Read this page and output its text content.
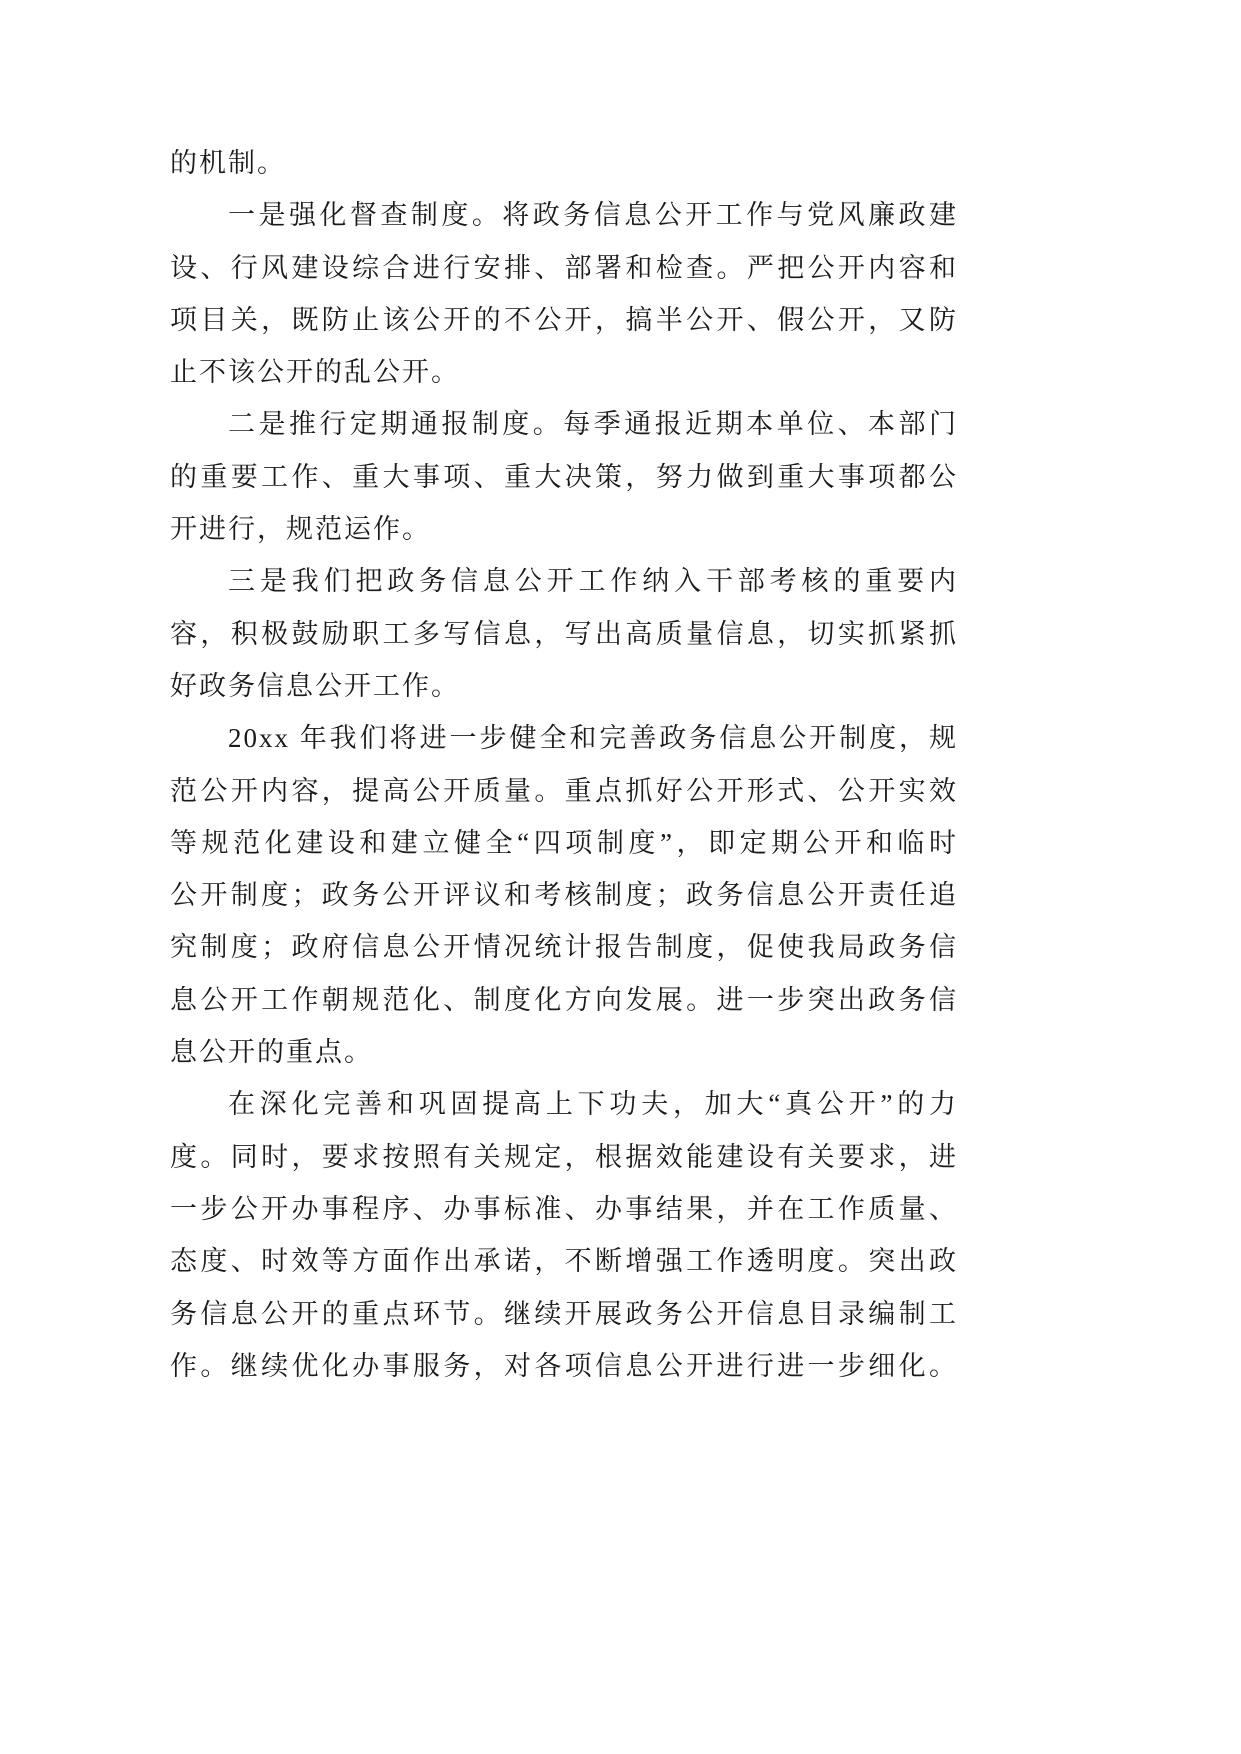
的机制。
一是强化督查制度。将政务信息公开工作与党风廉政建
设、行风建设综合进行安排、部署和检查。严把公开内容和
项目关，既防止该公开的不公开，搞半公开、假公开，又防
止不该公开的乱公开。
二是推行定期通报制度。每季通报近期本单位、本部门
的重要工作、重大事项、重大决策，努力做到重大事项都公
开进行，规范运作。
三是我们把政务信息公开工作纳入干部考核的重要内
容，积极鼓励职工多写信息，写出高质量信息，切实抓紧抓
好政务信息公开工作。
20xx 年我们将进一步健全和完善政务信息公开制度，规
范公开内容，提高公开质量。重点抓好公开形式、公开实效
等规范化建设和建立健全“四项制度”，即定期公开和临时
公开制度；政务公开评议和考核制度；政务信息公开责任追
究制度；政府信息公开情况统计报告制度，促使我局政务信
息公开工作朝规范化、制度化方向发展。进一步突出政务信
息公开的重点。
在深化完善和巩固提高上下功夫，加大“真公开”的力
度。同时，要求按照有关规定，根据效能建设有关要求，进
一步公开办事程序、办事标准、办事结果，并在工作质量、
态度、时效等方面作出承诺，不断增强工作透明度。突出政
务信息公开的重点环节。继续开展政务公开信息目录编制工
作。继续优化办事服务，对各项信息公开进行进一步细化。
